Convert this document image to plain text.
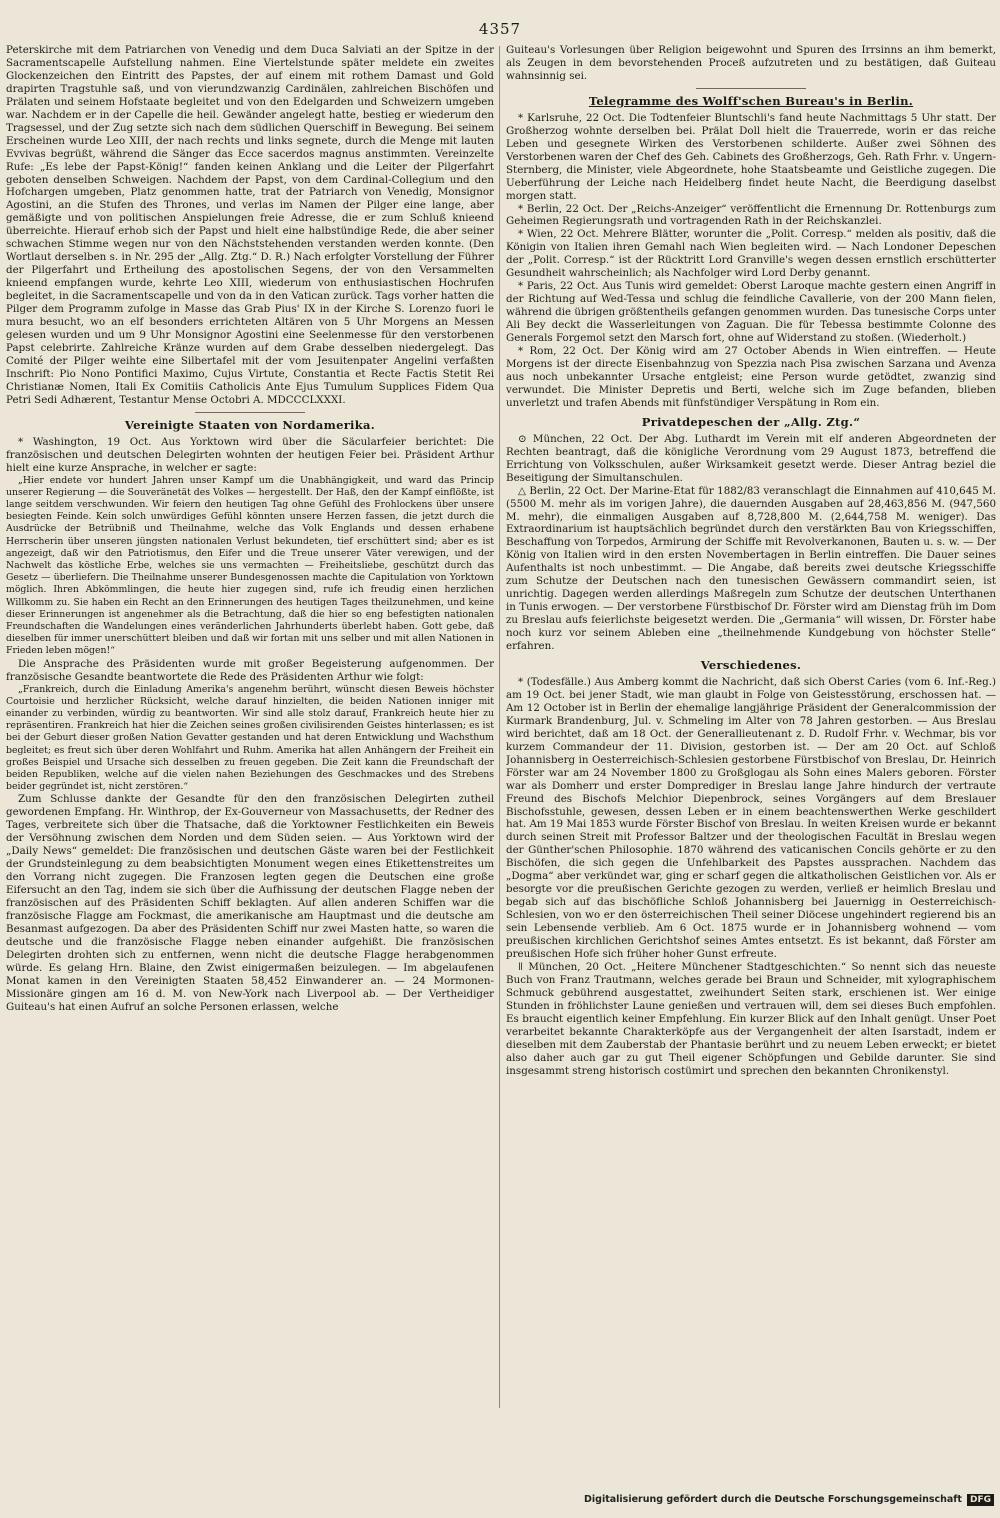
4357

Peterskirche mit dem Patriarchen von Venedig und dem Duca Salviati an der Spitze in der Sacramentscapelle Aufstellung nahmen. Eine Viertelstunde später meldete ein zweites Glockenzeichen den Eintritt des Papstes, der auf einem mit rothem Damast und Gold drapirten Tragstuhle saß, und von vierundzwanzig Cardinälen, zahlreichen Bischöfen und Prälaten und seinem Hofstaate begleitet und von den Edelgarden und Schweizern umgeben war. Nachdem er in der Capelle die heil. Gewänder angelegt hatte, bestieg er wiederum den Tragsessel, und der Zug setzte sich nach dem südlichen Querschiff in Bewegung. Bei seinem Erscheinen wurde Leo XIII, der nach rechts und links segnete, durch die Menge mit lauten Evvivas begrüßt, während die Sänger das Ecce sacerdos magnus anstimmten. Vereinzelte Rufe: „Es lebe der Papst-König!“ fanden keinen Anklang und die Leiter der Pilgerfahrt geboten denselben Schweigen. Nachdem der Papst, von dem Cardinal-Collegium und den Hofchargen umgeben, Platz genommen hatte, trat der Patriarch von Venedig, Monsignor Agostini, an die Stufen des Thrones, und verlas im Namen der Pilger eine lange, aber gemäßigte und von politischen Anspielungen freie Adresse, die er zum Schluß knieend überreichte. Hierauf erhob sich der Papst und hielt eine halbstündige Rede, die aber seiner schwachen Stimme wegen nur von den Nächststehenden verstanden werden konnte. (Den Wortlaut derselben s. in Nr. 295 der „Allg. Ztg.“ D. R.) Nach erfolgter Vorstellung der Führer der Pilgerfahrt und Ertheilung des apostolischen Segens, der von den Versammelten knieend empfangen wurde, kehrte Leo XIII, wiederum von enthusiastischen Hochrufen begleitet, in die Sacramentscapelle und von da in den Vatican zurück. Tags vorher hatten die Pilger dem Programm zufolge in Masse das Grab Pius' IX in der Kirche S. Lorenzo fuori le mura besucht, wo an elf besonders errichteten Altären von 5 Uhr Morgens an Messen gelesen wurden und um 9 Uhr Monsignor Agostini eine Seelenmesse für den verstorbenen Papst celebrirte. Zahlreiche Kränze wurden auf dem Grabe desselben niedergelegt. Das Comité der Pilger weihte eine Silbertafel mit der vom Jesuitenpater Angelini verfaßten Inschrift: Pio Nono Pontifici Maximo, Cujus Virtute, Constantia et Recte Factis Stetit Rei Christianæ Nomen, Itali Ex Comitiis Catholicis Ante Ejus Tumulum Supplices Fidem Qua Petri Sedi Adhærent, Testantur Mense Octobri A. MDCCCLXXXI.

Vereinigte Staaten von Nordamerika.

* Washington, 19 Oct. Aus Yorktown wird über die Säcularfeier berichtet: Die französischen und deutschen Delegirten wohnten der heutigen Feier bei. Präsident Arthur hielt eine kurze Ansprache, in welcher er sagte:

„Hier endete vor hundert Jahren unser Kampf um die Unabhängigkeit, und ward das Princip unserer Regierung — die Souveränetät des Volkes — hergestellt. Der Haß, den der Kampf einflößte, ist lange seitdem verschwunden. Wir feiern den heutigen Tag ohne Gefühl des Frohlockens über unsere besiegten Feinde. Kein solch unwürdiges Gefühl könnten unsere Herzen fassen, die jetzt durch die Ausdrücke der Betrübniß und Theilnahme, welche das Volk Englands und dessen erhabene Herrscherin über unseren jüngsten nationalen Verlust bekundeten, tief erschüttert sind; aber es ist angezeigt, daß wir den Patriotismus, den Eifer und die Treue unserer Väter verewigen, und der Nachwelt das köstliche Erbe, welches sie uns vermachten — Freiheitsliebe, geschützt durch das Gesetz — überliefern. Die Theilnahme unserer Bundesgenossen machte die Capitulation von Yorktown möglich. Ihren Abkömmlingen, die heute hier zugegen sind, rufe ich freudig einen herzlichen Willkomm zu. Sie haben ein Recht an den Erinnerungen des heutigen Tages theilzunehmen, und keine dieser Erinnerungen ist angenehmer als die Betrachtung, daß die hier so eng befestigten nationalen Freundschaften die Wandelungen eines veränderlichen Jahrhunderts überlebt haben. Gott gebe, daß dieselben für immer unerschüttert bleiben und daß wir fortan mit uns selber und mit allen Nationen in Frieden leben mögen!“

Die Ansprache des Präsidenten wurde mit großer Begeisterung aufgenommen. Der französische Gesandte beantwortete die Rede des Präsidenten Arthur wie folgt:

„Frankreich, durch die Einladung Amerika's angenehm berührt, wünscht diesen Beweis höchster Courtoisie und herzlicher Rücksicht, welche darauf hinzielten, die beiden Nationen inniger mit einander zu verbinden, würdig zu beantworten. Wir sind alle stolz darauf, Frankreich heute hier zu repräsentiren. Frankreich hat hier die Zeichen seines großen civilisirenden Geistes hinterlassen; es ist bei der Geburt dieser großen Nation Gevatter gestanden und hat deren Entwicklung und Wachsthum begleitet; es freut sich über deren Wohlfahrt und Ruhm. Amerika hat allen Anhängern der Freiheit ein großes Beispiel und Ursache sich desselben zu freuen gegeben. Die Zeit kann die Freundschaft der beiden Republiken, welche auf die vielen nahen Beziehungen des Geschmackes und des Strebens beider gegründet ist, nicht zerstören.“

Zum Schlusse dankte der Gesandte für den den französischen Delegirten zutheil gewordenen Empfang. Hr. Winthrop, der Ex-Gouverneur von Massachusetts, der Redner des Tages, verbreitete sich über die Thatsache, daß die Yorktowner Festlichkeiten ein Beweis der Versöhnung zwischen dem Norden und dem Süden seien. — Aus Yorktown wird der „Daily News“ gemeldet: Die französischen und deutschen Gäste waren bei der Festlichkeit der Grundsteinlegung zu dem beabsichtigten Monument wegen eines Etikettenstreites um den Vorrang nicht zugegen. Die Franzosen legten gegen die Deutschen eine große Eifersucht an den Tag, indem sie sich über die Aufhissung der deutschen Flagge neben der französischen auf des Präsidenten Schiff beklagten. Auf allen anderen Schiffen war die französische Flagge am Fockmast, die amerikanische am Hauptmast und die deutsche am Besanmast aufgezogen. Da aber des Präsidenten Schiff nur zwei Masten hatte, so waren die deutsche und die französische Flagge neben einander aufgehißt. Die französischen Delegirten drohten sich zu entfernen, wenn nicht die deutsche Flagge herabgenommen würde. Es gelang Hrn. Blaine, den Zwist einigermaßen beizulegen. — Im abgelaufenen Monat kamen in den Vereinigten Staaten 58,452 Einwanderer an. — 24 Mormonen-Missionäre gingen am 16 d. M. von New-York nach Liverpool ab. — Der Vertheidiger Guiteau's hat einen Aufruf an solche Personen erlassen, welche

Guiteau's Vorlesungen über Religion beigewohnt und Spuren des Irrsinns an ihm bemerkt, als Zeugen in dem bevorstehenden Proceß aufzutreten und zu bestätigen, daß Guiteau wahnsinnig sei.

Telegramme des Wolff'schen Bureau's in Berlin.

* Karlsruhe, 22 Oct. Die Todtenfeier Bluntschli's fand heute Nachmittags 5 Uhr statt. Der Großherzog wohnte derselben bei. Prälat Doll hielt die Trauerrede, worin er das reiche Leben und gesegnete Wirken des Verstorbenen schilderte. Außer zwei Söhnen des Verstorbenen waren der Chef des Geh. Cabinets des Großherzogs, Geh. Rath Frhr. v. Ungern-Sternberg, die Minister, viele Abgeordnete, hohe Staatsbeamte und Geistliche zugegen. Die Ueberführung der Leiche nach Heidelberg findet heute Nacht, die Beerdigung daselbst morgen statt.

* Berlin, 22 Oct. Der „Reichs-Anzeiger“ veröffentlicht die Ernennung Dr. Rottenburgs zum Geheimen Regierungsrath und vortragenden Rath in der Reichskanzlei.

* Wien, 22 Oct. Mehrere Blätter, worunter die „Polit. Corresp.“ melden als positiv, daß die Königin von Italien ihren Gemahl nach Wien begleiten wird. — Nach Londoner Depeschen der „Polit. Corresp.“ ist der Rücktritt Lord Granville's wegen dessen ernstlich erschütterter Gesundheit wahrscheinlich; als Nachfolger wird Lord Derby genannt.

* Paris, 22 Oct. Aus Tunis wird gemeldet: Oberst Laroque machte gestern einen Angriff in der Richtung auf Wed-Tessa und schlug die feindliche Cavallerie, von der 200 Mann fielen, während die übrigen größtentheils gefangen genommen wurden. Das tunesische Corps unter Ali Bey deckt die Wasserleitungen von Zaguan. Die für Tebessa bestimmte Colonne des Generals Forgemol setzt den Marsch fort, ohne auf Widerstand zu stoßen. (Wiederholt.)

* Rom, 22 Oct. Der König wird am 27 October Abends in Wien eintreffen. — Heute Morgens ist der directe Eisenbahnzug von Spezzia nach Pisa zwischen Sarzana und Avenza aus noch unbekannter Ursache entgleist; eine Person wurde getödtet, zwanzig sind verwundet. Die Minister Depretis und Berti, welche sich im Zuge befanden, blieben unverletzt und trafen Abends mit fünfstündiger Verspätung in Rom ein.

Privatdepeschen der „Allg. Ztg.“

⊙ München, 22 Oct. Der Abg. Luthardt im Verein mit elf anderen Abgeordneten der Rechten beantragt, daß die königliche Verordnung vom 29 August 1873, betreffend die Errichtung von Volksschulen, außer Wirksamkeit gesetzt werde. Dieser Antrag beziel die Beseitigung der Simultanschulen.

△ Berlin, 22 Oct. Der Marine-Etat für 1882/83 veranschlagt die Einnahmen auf 410,645 M. (5500 M. mehr als im vorigen Jahre), die dauernden Ausgaben auf 28,463,856 M. (947,560 M. mehr), die einmaligen Ausgaben auf 8,728,800 M. (2,644,758 M. weniger). Das Extraordinarium ist hauptsächlich begründet durch den verstärkten Bau von Kriegsschiffen, Beschaffung von Torpedos, Armirung der Schiffe mit Revolverkanonen, Bauten u. s. w. — Der König von Italien wird in den ersten Novembertagen in Berlin eintreffen. Die Dauer seines Aufenthalts ist noch unbestimmt. — Die Angabe, daß bereits zwei deutsche Kriegsschiffe zum Schutze der Deutschen nach den tunesischen Gewässern commandirt seien, ist unrichtig. Dagegen werden allerdings Maßregeln zum Schutze der deutschen Unterthanen in Tunis erwogen. — Der verstorbene Fürstbischof Dr. Förster wird am Dienstag früh im Dom zu Breslau aufs feierlichste beigesetzt werden. Die „Germania“ will wissen, Dr. Förster habe noch kurz vor seinem Ableben eine „theilnehmende Kundgebung von höchster Stelle“ erfahren.

Verschiedenes.

* (Todesfälle.) Aus Amberg kommt die Nachricht, daß sich Oberst Caries (vom 6. Inf.-Reg.) am 19 Oct. bei jener Stadt, wie man glaubt in Folge von Geistesstörung, erschossen hat. — Am 12 October ist in Berlin der ehemalige langjährige Präsident der Generalcommission der Kurmark Brandenburg, Jul. v. Schmeling im Alter von 78 Jahren gestorben. — Aus Breslau wird berichtet, daß am 18 Oct. der Generallieutenant z. D. Rudolf Frhr. v. Wechmar, bis vor kurzem Commandeur der 11. Division, gestorben ist. — Der am 20 Oct. auf Schloß Johannisberg in Oesterreichisch-Schlesien gestorbene Fürstbischof von Breslau, Dr. Heinrich Förster war am 24 November 1800 zu Großglogau als Sohn eines Malers geboren. Förster war als Domherr und erster Domprediger in Breslau lange Jahre hindurch der vertraute Freund des Bischofs Melchior Diepenbrock, seines Vorgängers auf dem Breslauer Bischofsstuhle, gewesen, dessen Leben er in einem beachtenswerthen Werke geschildert hat. Am 19 Mai 1853 wurde Förster Bischof von Breslau. In weiten Kreisen wurde er bekannt durch seinen Streit mit Professor Baltzer und der theologischen Facultät in Breslau wegen der Günther'schen Philosophie. 1870 während des vaticanischen Concils gehörte er zu den Bischöfen, die sich gegen die Unfehlbarkeit des Papstes aussprachen. Nachdem das „Dogma“ aber verkündet war, ging er scharf gegen die altkatholischen Geistlichen vor. Als er besorgte vor die preußischen Gerichte gezogen zu werden, verließ er heimlich Breslau und begab sich auf das bischöfliche Schloß Johannisberg bei Jauernigg in Oesterreichisch-Schlesien, von wo er den österreichischen Theil seiner Diöcese ungehindert regierend bis an sein Lebensende verblieb. Am 6 Oct. 1875 wurde er in Johannisberg wohnend — vom preußischen kirchlichen Gerichtshof seines Amtes entsetzt. Es ist bekannt, daß Förster am preußischen Hofe sich früher hoher Gunst erfreute.

ǁ München, 20 Oct. „Heitere Münchener Stadtgeschichten.“ So nennt sich das neueste Buch von Franz Trautmann, welches gerade bei Braun und Schneider, mit xylographischem Schmuck gebührend ausgestattet, zweihundert Seiten stark, erschienen ist. Wer einige Stunden in fröhlichster Laune genießen und vertrauen will, dem sei dieses Buch empfohlen. Es braucht eigentlich keiner Empfehlung. Ein kurzer Blick auf den Inhalt genügt. Unser Poet verarbeitet bekannte Charakterköpfe aus der Vergangenheit der alten Isarstadt, indem er dieselben mit dem Zauberstab der Phantasie berührt und zu neuem Leben erweckt; er bietet also daher auch gar zu gut Theil eigener Schöpfungen und Gebilde darunter. Sie sind insgesammt streng historisch costümirt und sprechen den bekannten Chronikenstyl.

Digitalisierung gefördert durch die Deutsche Forschungsgemeinschaft DFG
